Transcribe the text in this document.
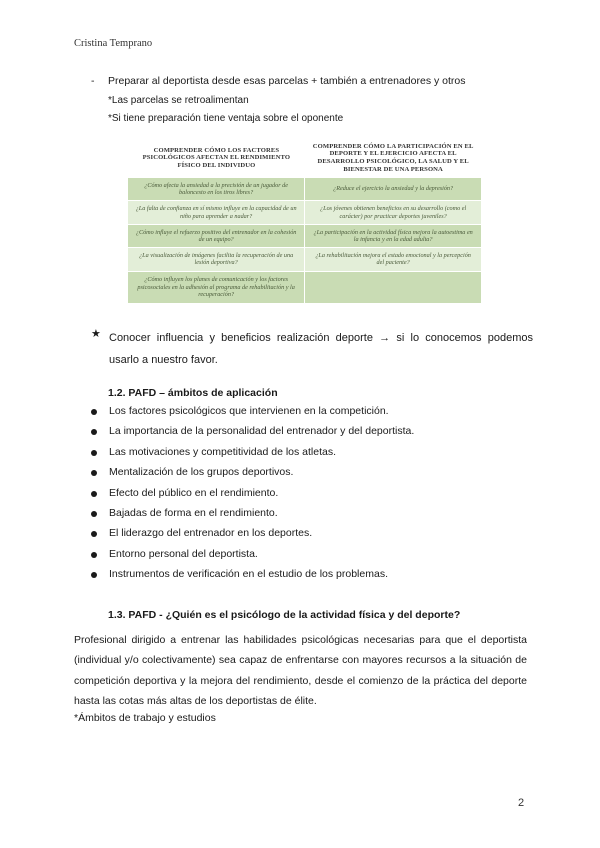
Cristina Temprano
- Preparar al deportista desde esas parcelas + también a entrenadores y otros
*Las parcelas se retroalimentan
*Si tiene preparación tiene ventaja sobre el oponente
COMPRENDER CÓMO LOS FACTORES PSICOLÓGICOS AFECTAN EL RENDIMIENTO FÍSICO DEL INDIVIDUO	COMPRENDER CÓMO LA PARTICIPACIÓN EN EL DEPORTE Y EL EJERCICIO AFECTA EL DESARROLLO PSICOLÓGICO, LA SALUD Y EL BIENESTAR DE UNA PERSONA
¿Cómo afecta la ansiedad a la precisión de un jugador de baloncesto en los tiros libres?	¿Reduce el ejercicio la ansiedad y la depresión?
¿La falta de confianza en sí mismo influye en la capacidad de un niño para aprender a nadar?	¿Los jóvenes obtienen beneficios en su desarrollo (como el carácter) por practicar deportes juveniles?
¿Cómo influye el refuerzo positivo del entrenador en la cohesión de un equipo?	¿La participación en la actividad física mejora la autoestima en la infancia y en la edad adulta?
¿La visualización de imágenes facilita la recuperación de una lesión deportiva?	¿La rehabilitación mejora el estado emocional y la percepción del paciente?
¿Cómo influyen los planes de comunicación y los factores psicosociales en la adhesión al programa de rehabilitación y la recuperación?	
★ Conocer influencia y beneficios realización deporte → si lo conocemos podemos usarlo a nuestro favor.
1.2. PAFD – ámbitos de aplicación
Los factores psicológicos que intervienen en la competición.
La importancia de la personalidad del entrenador y del deportista.
Las motivaciones y competitividad de los atletas.
Mentalización de los grupos deportivos.
Efecto del público en el rendimiento.
Bajadas de forma en el rendimiento.
El liderazgo del entrenador en los deportes.
Entorno personal del deportista.
Instrumentos de verificación en el estudio de los problemas.
1.3. PAFD - ¿Quién es el psicólogo de la actividad física y del deporte?
Profesional dirigido a entrenar las habilidades psicológicas necesarias para que el deportista (individual y/o colectivamente) sea capaz de enfrentarse con mayores recursos a la situación de competición deportiva y la mejora del rendimiento, desde el comienzo de la práctica del deporte hasta las cotas más altas de los deportistas de élite.
*Ámbitos de trabajo y estudios
2
